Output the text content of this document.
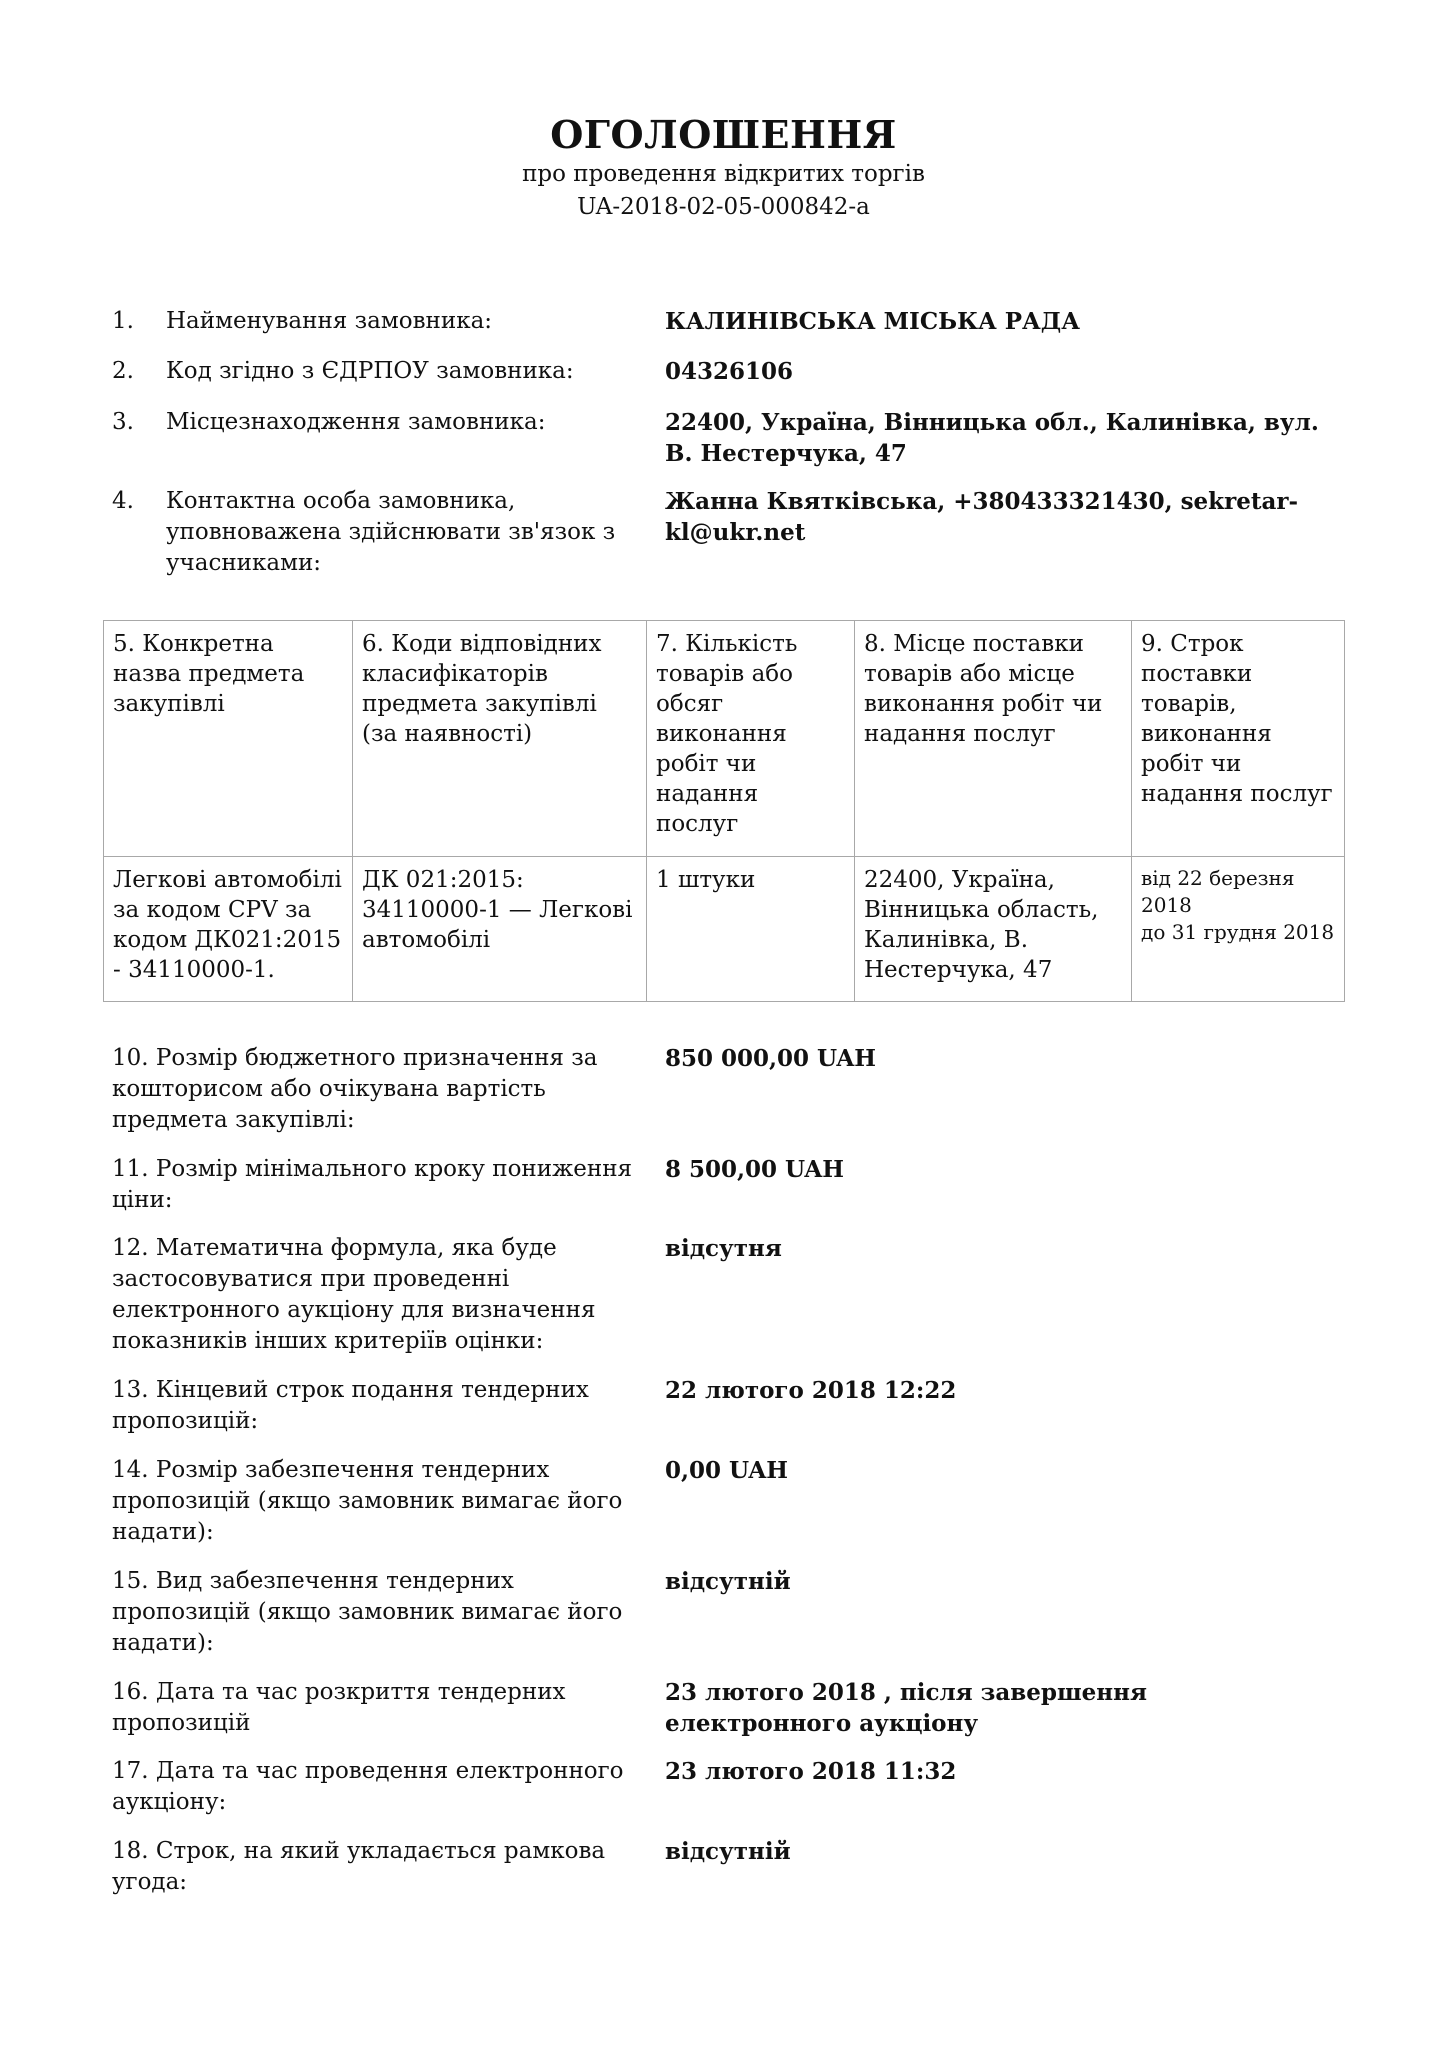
ОГОЛОШЕННЯ
про проведення відкритих торгів
UA-2018-02-05-000842-a
1. Найменування замовника:	КАЛИНІВСЬКА МІСЬКА РАДА
2. Код згідно з ЄДРПОУ замовника:	04326106
3. Місцезнаходження замовника:	22400, Україна, Вінницька обл., Калинівка, вул. В. Нестерчука, 47
4. Контактна особа замовника, уповноважена здійснювати зв'язок з учасниками:
Жанна Квятківська, +380433321430, sekretar-kl@ukr.net
5. Конкретна назва предмета закупівлі	6. Коди відповідних класифікаторів предмета закупівлі (за наявності)	7. Кількість товарів або обсяг виконання робіт чи надання послуг	8. Місце поставки товарів або місце виконання робіт чи надання послуг	9. Строк поставки товарів, виконання робіт чи надання послуг
Легкові автомобілі за кодом CPV за кодом ДК021:2015 - 34110000-1.	ДК 021:2015: 34110000-1 — Легкові автомобілі	1 штуки	22400, Україна, Вінницька область, Калинівка, В. Нестерчука, 47	від 22 березня 2018
до 31 грудня 2018
10. Розмір бюджетного призначення за кошторисом або очікувана вартість предмета закупівлі:
850 000,00 UAH
11. Розмір мінімального кроку пониження ціни:
8 500,00 UAH
12. Математична формула, яка буде застосовуватися при проведенні електронного аукціону для визначення показників інших критеріїв оцінки:
відсутня
13. Кінцевий строк подання тендерних пропозицій:
22 лютого 2018 12:22
14. Розмір забезпечення тендерних пропозицій (якщо замовник вимагає його надати):
0,00 UAH
15. Вид забезпечення тендерних пропозицій (якщо замовник вимагає його надати):
відсутній
16. Дата та час розкриття тендерних пропозицій
23 лютого 2018 , після завершення електронного аукціону
17. Дата та час проведення електронного аукціону:
23 лютого 2018 11:32
18. Строк, на який укладається рамкова угода:
відсутній
